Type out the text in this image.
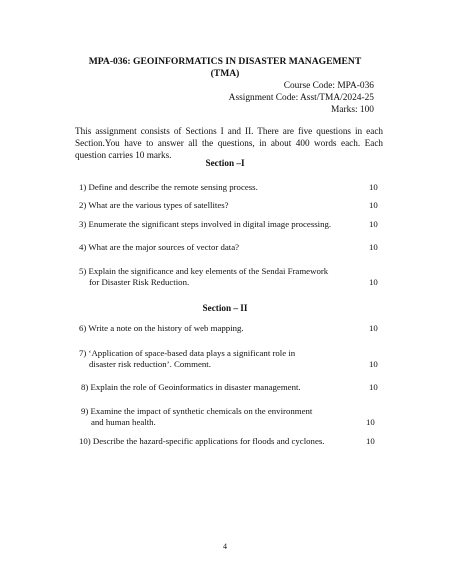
MPA-036: GEOINFORMATICS IN DISASTER MANAGEMENT
(TMA)
Course Code: MPA-036
Assignment Code: Asst/TMA/2024-25
Marks: 100
This assignment consists of Sections I and II. There are five questions in each Section.You have to answer all the questions, in about 400 words each. Each question carries 10 marks.
Section –I
1) Define and describe the remote sensing process.	10
2) What are the various types of satellites?	10
3) Enumerate the significant steps involved in digital image processing.	10
4) What are the major sources of vector data?	10
5) Explain the significance and key elements of the Sendai Framework
for Disaster Risk Reduction.	10
Section – II
6) Write a note on the history of web mapping.	10
7) ‘Application of space-based data plays a significant role in
disaster risk reduction’. Comment.	10
8) Explain the role of Geoinformatics in disaster management.	10
9) Examine the impact of synthetic chemicals on the environment
and human health.	10
10) Describe the hazard-specific applications for floods and cyclones.	10
4
